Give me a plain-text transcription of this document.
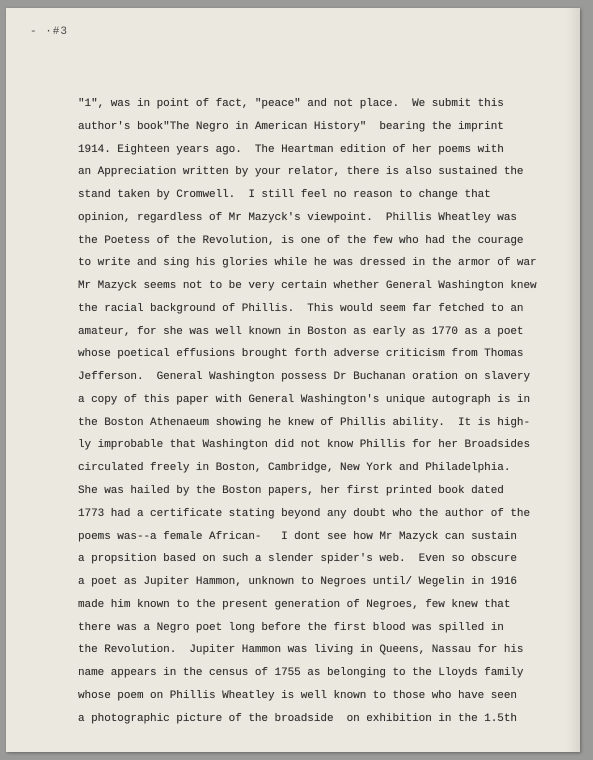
- ·#3
"1", was in point of fact, "peace" and not place.  We submit this
author's book"The Negro in American History"  bearing the imprint
1914. Eighteen years ago.  The Heartman edition of her poems with
an Appreciation written by your relator, there is also sustained the
stand taken by Cromwell.  I still feel no reason to change that
opinion, regardless of Mr Mazyck's viewpoint.  Phillis Wheatley was
the Poetess of the Revolution, is one of the few who had the courage
to write and sing his glories while he was dressed in the armor of war
Mr Mazyck seems not to be very certain whether General Washington knew
the racial background of Phillis.  This would seem far fetched to an
amateur, for she was well known in Boston as early as 1770 as a poet
whose poetical effusions brought forth adverse criticism from Thomas
Jefferson.  General Washington possess Dr Buchanan oration on slavery
a copy of this paper with General Washington's unique autograph is in
the Boston Athenaeum showing he knew of Phillis ability.  It is high-
ly improbable that Washington did not know Phillis for her Broadsides
circulated freely in Boston, Cambridge, New York and Philadelphia.
She was hailed by the Boston papers, her first printed book dated
1773 had a certificate stating beyond any doubt who the author of the
poems was--a female African-   I dont see how Mr Mazyck can sustain
a propsition based on such a slender spider's web.  Even so obscure
a poet as Jupiter Hammon, unknown to Negroes until/ Wegelin in 1916
made him known to the present generation of Negroes, few knew that
there was a Negro poet long before the first blood was spilled in
the Revolution.  Jupiter Hammon was living in Queens, Nassau for his
name appears in the census of 1755 as belonging to the Lloyds family
whose poem on Phillis Wheatley is well known to those who have seen
a photographic picture of the broadside  on exhibition in the 1.5th
